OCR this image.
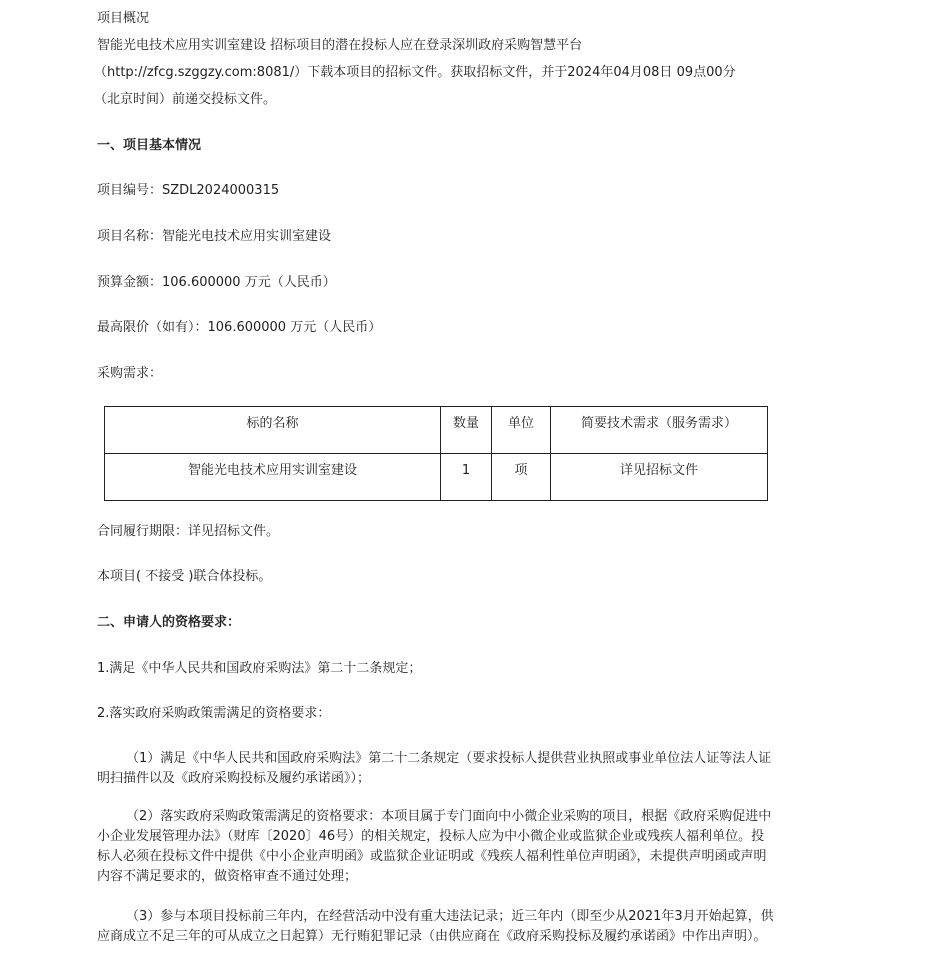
项目概况
智能光电技术应用实训室建设 招标项目的潜在投标人应在登录深圳政府采购智慧平台
（http://zfcg.szggzy.com:8081/）下载本项目的招标文件。获取招标文件，并于2024年04月08日 09点00分
（北京时间）前递交投标文件。
一、项目基本情况
项目编号：SZDL2024000315
项目名称：智能光电技术应用实训室建设
预算金额：106.600000 万元（人民币）
最高限价（如有）：106.600000 万元（人民币）
采购需求：
标的名称	数量	单位	简要技术需求（服务需求）
智能光电技术应用实训室建设	1	项	详见招标文件
合同履行期限：详见招标文件。
本项目( 不接受 )联合体投标。
二、申请人的资格要求：
1.满足《中华人民共和国政府采购法》第二十二条规定；
2.落实政府采购政策需满足的资格要求：
（1）满足《中华人民共和国政府采购法》第二十二条规定（要求投标人提供营业执照或事业单位法人证等法人证明扫描件以及《政府采购投标及履约承诺函》）；
（2）落实政府采购政策需满足的资格要求：本项目属于专门面向中小微企业采购的项目，根据《政府采购促进中小企业发展管理办法》（财库〔2020〕46号）的相关规定，投标人应为中小微企业或监狱企业或残疾人福利单位。投标人必须在投标文件中提供《中小企业声明函》或监狱企业证明或《残疾人福利性单位声明函》，未提供声明函或声明内容不满足要求的，做资格审查不通过处理；
（3）参与本项目投标前三年内，在经营活动中没有重大违法记录；近三年内（即至少从2021年3月开始起算，供应商成立不足三年的可从成立之日起算）无行贿犯罪记录（由供应商在《政府采购投标及履约承诺函》中作出声明）。
